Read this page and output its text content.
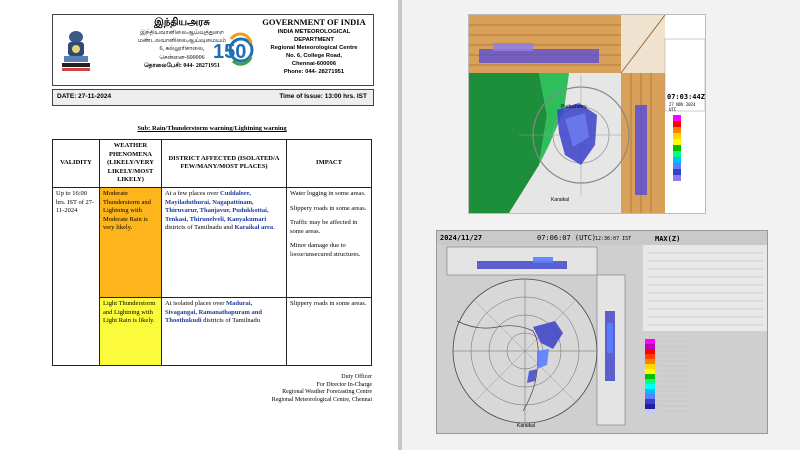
இந்தியஅரசு
இந்தியவானிலைஆய்வுத்துறை
மண்டலவானிலைஆய்வுமையம்
6, கல்லூரிசாலை,
சென்னை-600006
தொலைபேசி: 044- 28271951
150
GOVERNMENT OF INDIA
INDIA METEOROLOGICAL DEPARTMENT
Regional Meteorological Centre
No. 6, College Road,
Chennai-600006
Phone: 044- 28271951
DATE: 27-11-2024	Time of Issue: 13:00 hrs. IST
Sub: Rain/Thunderstorm warning/Lightning warning
VALIDITY	WEATHER PHENOMENA (LIKELY/VERY LIKELY/MOST LIKELY)	DISTRICT AFFECTED (ISOLATED/A FEW/MANY/MOST PLACES)	IMPACT
Up to 16:00 hrs. IST of 27-11-2024	Moderate Thunderstorm and Lightning with Moderate Rain is very likely.	At a few places over Cuddalore, Mayiladuthurai, Nagapattinam, Thiruvarur, Thanjavur, Pudukkottai, Tenkasi, Thirunelveli, Kanyakumari districts of Tamilnadu and Karaikal area.	Water logging in some areas.

Slippery roads in some areas.

Traffic may be affected in some areas.

Minor damage due to loose/unsecured structures.

	Light Thunderstorm and Lightning with Light Rain is likely.	At isolated places over Madurai, Sivagangai, Ramanathapuram and Thoothukudi districts of Tamilnadu	Slippery roads in some areas.

Duty Officer
For Director In-Charge
Regional Weather Forecasting Centre
Regional Meteorological Centre, Chennai
Puducherry
Karaikal
07:03:44Z
27 NOV 2024 UTC
Karaikal
2024/11/27	07:06:07 (UTC)
12:36:07 IST	MAX(Z)
